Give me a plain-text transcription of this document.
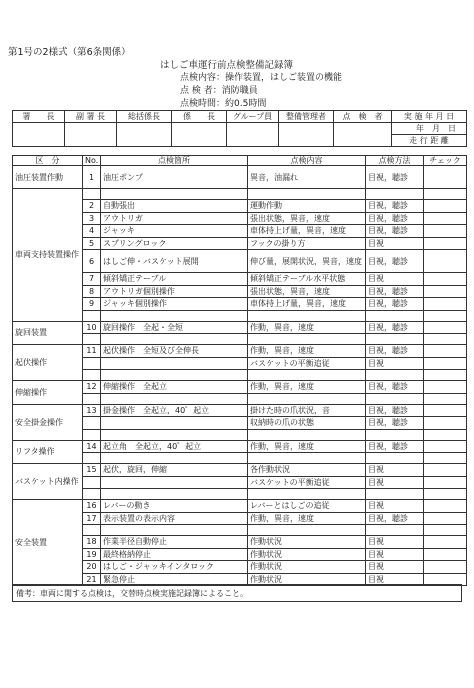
第1号の2様式（第6条関係）
はしご車運行前点検整備記録簿
点検内容：操作装置，はしご装置の機能
点 検 者：消防職員
点検時間：約0.5時間
署　　長	副 署 長	総括係長	係　　長	グループ員	整備管理者	点　検　者	実 施 年 月 日
							年　月　日
							走 行 距 離
区　分	No.	点検箇所	点検内容	点検方法	チェック
油圧装置作動	1	油圧ポンプ	異音，油漏れ	目視，聴診	
車両支持装置操作					
	2	自動張出	運動作動	目視，聴診	
	3	アウトリガ	張出状態，異音，速度	目視，聴診	
	4	ジャッキ	車体持上げ量，異音，速度	目視，聴診	
	5	スプリングロック	フックの掛り方	目視	
	6	はしご伸・バスケット展開	伸び量，展開状況，異音，速度	目視，聴診	
	7	傾斜矯正テーブル	傾斜矯正テーブル水平状態	目視	
	8	アウトリガ個別操作	張出状態，異音，速度	目視，聴診	
	9	ジャッキ個別操作	車体持上げ量，異音，速度	目視，聴診	

旋回装置	10	旋回操作　全起・全短	作動，異音，速度	目視，聴診	

起伏操作	11	起伏操作　全短及び全伸長	作動，異音，速度	目視，聴診	
			バスケットの平衡追従	目視	

伸縮操作	12	伸縮操作　全起立	作動，異音，速度	目視，聴診	

安全掛金操作	13	掛金操作　全起立，40゜起立	掛けた時の爪状況，音	目視，聴診	
			収納時の爪の状態	目視，聴診	

リフタ操作	14	起立角　全起立，40゜起立	作動，異音，速度	目視，聴診	

バスケット内操作	15	起伏，旋回，伸縮	各作動状況	目視	
			バスケットの平衡追従	目視	

安全装置	16	レバーの動き	レバーとはしごの追従	目視	
	17	表示装置の表示内容	作動，異音，速度	目視，聴診	

	18	作業半径自動停止	作動状況	目視	
	19	最終格納停止	作動状況	目視	
	20	はしご・ジャッキインタロック	作動状況	目視	
	21	緊急停止	作動状況	目視	
備考：車両に関する点検は，交替時点検実施記録簿によること。
